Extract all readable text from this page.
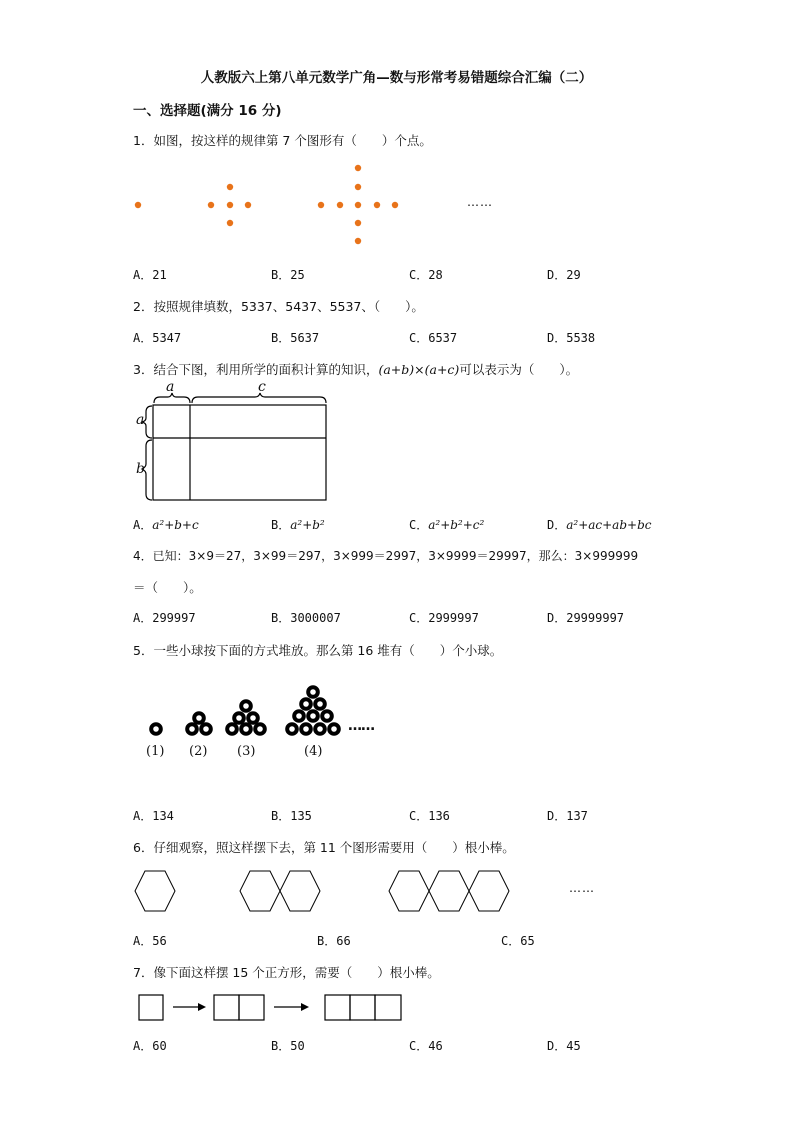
人教版六上第八单元数学广角—数与形常考易错题综合汇编（二）
一、选择题(满分 16 分)
1．如图，按这样的规律第 7 个图形有（　　）个点。
……
A．21	B．25	C．28	D．29
2．按照规律填数，5337、5437、5537、（　　）。
A．5347	B．5637	C．6537	D．5538
3．结合下图，利用所学的面积计算的知识，(a+b)×(a+c)可以表示为（　　）。
a	c
a
b
A．a²+b+c	B．a²+b²	C．a²+b²+c²	D．a²+ac+ab+bc
4．已知：3×9＝27，3×99＝297，3×999＝2997，3×9999＝29997，那么：3×999999
＝（　　）。
A．299997	B．3000007	C．2999997	D．29999997
5．一些小球按下面的方式堆放。那么第 16 堆有（　　）个小球。
……
(1) (2) (3)	(4)
A．134	B．135	C．136	D．137
6．仔细观察，照这样摆下去，第 11 个图形需要用（　　）根小棒。
……
A．56	B．66	C．65
7．像下面这样摆 15 个正方形，需要（　　）根小棒。
A．60	B．50	C．46	D．45
